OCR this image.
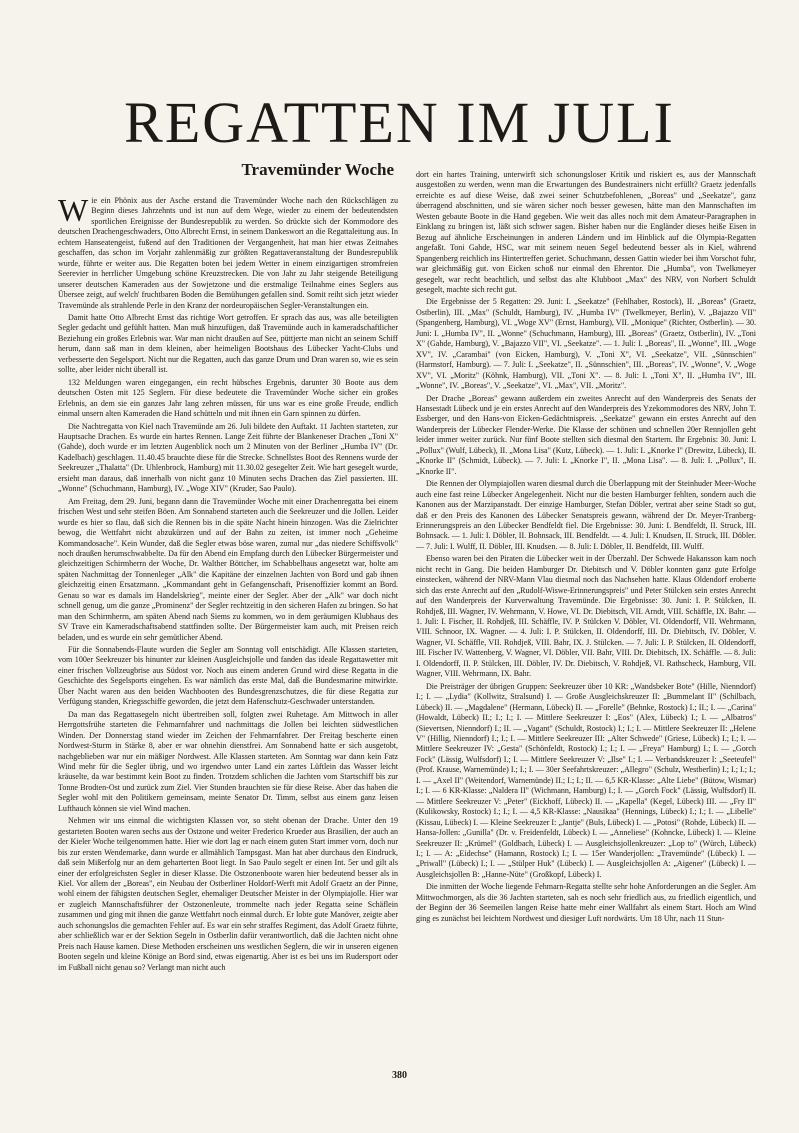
REGATTEN IM JULI
Travemünder Woche

Wie ein Phönix aus der Asche erstand die Travemünder Woche nach den Rückschlägen zu Beginn dieses Jahrzehnts und ist nun auf dem Wege, wieder zu einem der bedeutendsten sportlichen Ereignisse der Bundesrepublik zu werden. So drückte sich der Kommodore des deutschen Drachengeschwaders, Otto Albrecht Ernst, in seinem Dankeswort an die Regattaleitung aus. In echtem Hanseatengeist, fußend auf den Traditionen der Vergangenheit, hat man hier etwas Zeitnahes geschaffen, das schon im Vorjahr zahlenmäßig zur größten Regattaveranstaltung der Bundesrepublik wurde, führte er weiter aus. Die Regatten boten bei jedem Wetter in einem einzigartigen stromfreien Seerevier in herrlicher Umgebung schöne Kreuzstrecken. Die von Jahr zu Jahr steigende Beteiligung unserer deutschen Kameraden aus der Sowjetzone und die erstmalige Teilnahme eines Seglers aus Übersee zeigt, auf welch' fruchtbaren Boden die Bemühungen gefallen sind. Somit reiht sich jetzt wieder Travemünde als strahlende Perle in den Kranz der nordeuropäischen Segler-Veranstaltungen ein.

Damit hatte Otto Albrecht Ernst das richtige Wort getroffen. Er sprach das aus, was alle beteiligten Segler gedacht und gefühlt hatten. Man muß hinzufügen, daß Travemünde auch in kameradschaftlicher Beziehung ein großes Erlebnis war. War man nicht draußen auf See, püttjerte man nicht an seinem Schiff herum, dann saß man in dem kleinen, aber heimeligen Bootshaus des Lübecker Yacht-Clubs und verbesserte den Segelsport. Nicht nur die Regatten, auch das ganze Drum und Dran waren so, wie es sein sollte, aber leider nicht überall ist.

132 Meldungen waren eingegangen, ein recht hübsches Ergebnis, darunter 30 Boote aus dem deutschen Osten mit 125 Seglern. Für diese bedeutete die Travemünder Woche sicher ein großes Erlebnis, an dem sie ein ganzes Jahr lang zehren müssen, für uns war es eine große Freude, endlich einmal unsern alten Kameraden die Hand schütteln und mit ihnen ein Garn spinnen zu dürfen.

Die Nachtregatta von Kiel nach Travemünde am 26. Juli bildete den Auftakt. 11 Jachten starteten, zur Hauptsache Drachen. Es wurde ein hartes Rennen. Lange Zeit führte der Blankeneser Drachen „Toni X" (Gahde), doch wurde er im letzten Augenblick noch um 2 Minuten von der Berliner „Humba IV" (Dr. Kadelbach) geschlagen. 11.40.45 brauchte diese für die Strecke. Schnellstes Boot des Rennens wurde der Seekreuzer „Thalatta" (Dr. Uhlenbrock, Hamburg) mit 11.30.02 gesegelter Zeit. Wie hart gesegelt wurde, ersieht man daraus, daß innerhalb von nicht ganz 10 Minuten sechs Drachen das Ziel passierten. III. „Wonne" (Schuchmann, Hamburg), IV. „Woge XIV" (Kruder, Sao Paulo).

Am Freitag, dem 29. Juni, begann dann die Travemünder Woche mit einer Drachenregatta bei einem frischen West und sehr steifen Böen. Am Sonnabend starteten auch die Seekreuzer und die Jollen. Leider wurde es hier so flau, daß sich die Rennen bis in die späte Nacht hinein hinzogen. Was die Zielrichter bewog, die Wettfahrt nicht abzukürzen und auf der Bahn zu zeiten, ist immer noch „Geheime Kommandosache". Kein Wunder, daß die Segler etwas böse waren, zumal nur „das niedere Schiffsvolk" noch draußen herumschwabbelte. Da für den Abend ein Empfang durch den Lübecker Bürgermeister und gleichzeitigen Schirmherrn der Woche, Dr. Walther Böttcher, im Schabbelhaus angesetzt war, holte am späten Nachmittag der Tonnenleger „Alk" die Kapitäne der einzelnen Jachten von Bord und gab ihnen gleichzeitig einen Ersatzmann. „Kommandant geht in Gefangenschaft, Prisenoffizier kommt an Bord. Genau so war es damals im Handelskrieg", meinte einer der Segler. Aber der „Alk" war doch nicht schnell genug, um die ganze „Prominenz" der Segler rechtzeitig in den sicheren Hafen zu bringen. So hat man den Schirmherrn, am späten Abend nach Siems zu kommen, wo in dem geräumigen Klubhaus des SV Trave ein Kameradschaftsabend stattfinden sollte. Der Bürgermeister kam auch, mit Preisen reich beladen, und es wurde ein sehr gemütlicher Abend.

Für die Sonnabends-Flaute wurden die Segler am Sonntag voll entschädigt. Alle Klassen starteten, vom 100er Seekreuzer bis hinunter zur kleinen Ausgleichsjolle und fanden das ideale Regattawetter mit einer frischen Vollzeugbrise aus Südost vor. Noch aus einem anderen Grund wird diese Regatta in die Geschichte des Segelsports eingehen. Es war nämlich das erste Mal, daß die Bundesmarine mitwirkte. Über Nacht waren aus den beiden Wachbooten des Bundesgrenzschutzes, die für diese Regatta zur Verfügung standen, Kriegsschiffe geworden, die jetzt dem Hafenschutz-Geschwader unterstanden.

Da man das Regattasegeln nicht übertreiben soll, folgten zwei Ruhetage. Am Mittwoch in aller Herrgottsfrühe starteten die Fehmarnfahrer und nachmittags die Jollen bei leichten südwestlichen Winden. Der Donnerstag stand wieder im Zeichen der Fehmarnfahrer. Der Freitag bescherte einen Nordwest-Sturm in Stärke 8, aber er war ohnehin dienstfrei. Am Sonnabend hatte er sich ausgetobt, nachgeblieben war nur ein mäßiger Nordwest. Alle Klassen starteten. Am Sonntag war dann kein Fatz Wind mehr für die Segler übrig, und wo irgendwo unter Land ein zartes Lüftlein das Wasser leicht kräuselte, da war bestimmt kein Boot zu finden. Trotzdem schlichen die Jachten vom Startschiff bis zur Tonne Brodten-Ost und zurück zum Ziel. Vier Stunden brauchten sie für diese Reise. Aber das haben die Segler wohl mit den Politikern gemeinsam, meinte Senator Dr. Timm, selbst aus einem ganz leisen Lufthauch können sie viel Wind machen.

Nehmen wir uns einmal die wichtigsten Klassen vor, so steht obenan der Drache. Unter den 19 gestarteten Booten waren sechs aus der Ostzone und weiter Frederico Krueder aus Brasilien, der auch an der Kieler Woche teilgenommen hatte. Hier wie dort lag er nach einem guten Start immer vorn, doch nur bis zur ersten Wendemarke, dann wurde er allmählich Tampsgast. Man hat aber durchaus den Eindruck, daß sein Mißerfolg nur an dem geharterten Boot liegt. In Sao Paulo segelt er einen Int. 5er und gilt als einer der erfolgreichsten Segler in dieser Klasse. Die Ostzonenboote waren hier bedeutend besser als in Kiel. Vor allem der „Boreas", ein Neubau der Ostberliner Holdorf-Werft mit Adolf Graetz an der Pinne, wohl einem der fähigsten deutschen Segler, ehemaliger Deutscher Meister in der Olympiajolle. Hier war er zugleich Mannschaftsführer der Ostzonenleute, trommelte nach jeder Regatta seine Schäflein zusammen und ging mit ihnen die ganze Wettfahrt noch einmal durch. Er lobte gute Manöver, zeigte aber auch schonungslos die gemachten Fehler auf. Es war ein sehr straffes Regiment, das Adolf Graetz führte, aber schließlich war er der Sektion Segeln in Ostberlin dafür verantwortlich, daß die Jachten nicht ohne Preis nach Hause kamen. Diese Methoden erscheinen uns westlichen Seglern, die wir in unseren eigenen Booten segeln und kleine Könige an Bord sind, etwas eigenartig. Aber ist es bei uns im Rudersport oder im Fußball nicht genau so? Verlangt man nicht auch

dort ein hartes Training, unterwirft sich schonungsloser Kritik und riskiert es, aus der Mannschaft ausgestoßen zu werden, wenn man die Erwartungen des Bundestrainers nicht erfüllt? Graetz jedenfalls erreichte es auf diese Weise, daß zwei seiner Schutzbefohlenen, „Boreas" und „Seekatze", ganz überragend abschnitten, und sie wären sicher noch besser gewesen, hätte man den Mannschaften im Westen gebaute Boote in die Hand gegeben. Wie weit das alles noch mit dem Amateur-Paragraphen in Einklang zu bringen ist, läßt sich schwer sagen. Bisher haben nur die Engländer dieses heiße Eisen in Bezug auf ähnliche Erscheinungen in anderen Ländern und im Hinblick auf die Olympia-Regatten angefaßt. Toni Gahde, HSC, war mit seinem neuen Segel bedeutend besser als in Kiel, während Spangenberg reichlich ins Hintertreffen geriet. Schuchmann, dessen Gattin wieder bei ihm Vorschot fuhr, war gleichmäßig gut. von Eicken schoß nur einmal den Ehrentor. Die „Humba", von Twelkmeyer gesegelt, war recht beachtlich, und selbst das alte Klubboot „Max" des NRV, von Norbert Schuldt gesegelt, machte sich recht gut.

Die Ergebnisse der 5 Regatten: 29. Juni: I. „Seekatze" (Fehlhaber, Rostock), II. „Boreas" (Graetz, Ostberlin), III. „Max" (Schuldt, Hamburg), IV. „Humba IV" (Twelkmeyer, Berlin), V. „Bajazzo VII" (Spangenberg, Hamburg), VI. „Woge XV" (Ernst, Hamburg), VII. „Monique" (Richter, Ostberlin). — 30. Juni: I. „Humba IV", II. „Wonne" (Schuchmann, Hamburg), III. „Boreas" (Graetz, Ostberlin), IV. „Toni X" (Gahde, Hamburg), V. „Bajazzo VII", VI. „Seekatze". — 1. Juli: I. „Boreas", II. „Wonne", III. „Woge XV", IV. „Carambai" (von Eicken, Hamburg), V. „Toni X", VI. „Seekatze", VII. „Sünnschien" (Harmstorf, Hamburg). — 7. Juli: I. „Seekatze", II. „Sünnschien", III. „Boreas", IV. „Wonne", V. „Woge XV", VI. „Moritz" (Köhnk, Hamburg), VII. „Toni X". — 8. Juli: I. „Toni X", II. „Humba IV", III. „Wonne", IV. „Boreas", V. „Seekatze", VI. „Max", VII. „Moritz".

Der Drache „Boreas" gewann außerdem ein zweites Anrecht auf den Wanderpreis des Senats der Hansestadt Lübeck und je ein erstes Anrecht auf den Wanderpreis des Yzekommodores des NRV, John T. Essberger, und den Hans-von Eicken-Gedächtnispreis. „Seekatze" gewann ein erstes Anrecht auf den Wanderpreis der Lübecker Flender-Werke. Die Klasse der schönen und schnellen 20er Rennjollen geht leider immer weiter zurück. Nur fünf Boote stellten sich diesmal den Startern. Ihr Ergebnis: 30. Juni: I. „Pollux" (Wulf, Lübeck), II. „Mona Lisa" (Kutz, Lübeck). — 1. Juli: I. „Knorke I" (Drewitz, Lübeck), II. „Knorke II" (Schmidt, Lübeck). — 7. Juli: I. „Knorke I", II. „Mona Lisa". — 8. Juli: I. „Pollux", II. „Knorke II".

Die Rennen der Olympiajollen waren diesmal durch die Überlappung mit der Steinhuder Meer-Woche auch eine fast reine Lübecker Angelegenheit. Nicht nur die besten Hamburger fehlten, sondern auch die Kanonen aus der Marzipanstadt. Der einzige Hamburger, Stefan Döbler, vertrat aber seine Stadt so gut, daß er den Preis des Kanonen des Lübecker Senatspreis gewann, während der Dr. Meyer-Tranberg-Erinnerungspreis an den Lübecker Bendfeldt fiel. Die Ergebnisse: 30. Juni: I. Bendfeldt, II. Struck, III. Bohnsack. — 1. Juli: I. Döbler, II. Bohnsack, III. Bendfeldt. — 4. Juli: I. Knudsen, II. Struck, III. Döbler. — 7. Juli: I. Wulff, II. Döbler, III. Knudsen. — 8. Juli: I. Döbler, II. Bendfeldt, III. Wulff.

Ebenso waren bei den Piraten die Lübecker weit in der Überzahl. Der Schwede Hakansson kam noch nicht recht in Gang. Die beiden Hamburger Dr. Diebitsch und V. Döbler konnten ganz gute Erfolge einstecken, während der NRV-Mann Vlau diesmal noch das Nachsehen hatte. Klaus Oldendorf eroberte sich das erste Anrecht auf den „Rudolf-Wiswe-Erinnerungspreis" und Peter Stülcken sein erstes Anrecht auf den Wanderpreis der Kurverwaltung Travemünde. Die Ergebnisse: 30. Juni: I. P. Stülcken, II. Rohdjeß, III. Wagner, IV. Wehrmann, V. Howe, VI. Dr. Diebitsch, VII. Arndt, VIII. Schäffle, IX. Bahr. — 1. Juli: I. Fischer, II. Rohdjeß, III. Schäffle, IV. P. Stülcken V. Döbler, VI. Oldendorff, VII. Wehrmann, VIII. Schnoor, IX. Wagner. — 4. Juli: I. P. Stülcken, II. Oldendorff, III. Dr. Diebitsch, IV. Döbler, V. Wagner, VI. Schäffle, VII. Rohdjeß, VIII. Bahr, IX. J. Stülcken. — 7. Juli: I. P. Stülcken, II. Oldendorff, III. Fischer IV. Wattenberg, V. Wagner, VI. Döbler, VII. Bahr, VIII. Dr. Diebitsch, IX. Schäffle. — 8. Juli: I. Oldendorff, II. P. Stülcken, III. Döbler, IV. Dr. Diebitsch, V. Rohdjeß, VI. Rathscheck, Hamburg, VII. Wagner, VIII. Wehrmann, IX. Bahr.

Die Preisträger der übrigen Gruppen: Seekreuzer über 10 KR: „Wandsbeker Bote" (Hille, Nienndorf) I.; I. — „Lydia" (Kollwitz, Stralsund) I. — Große Ausgleichskreuzer II: „Bummelant II" (Schilbach, Lübeck) II. — „Magdalene" (Hermann, Lübeck) II. — „Forelle" (Behnke, Rostock) I.; II.; I. — „Carina" (Howaldt, Lübeck) II.; I.; I.; I. — Mittlere Seekreuzer I: „Eos" (Alex, Lübeck) I.; I. — „Albatros" (Sievertsen, Nienndorf) I.; II. — „Vagant" (Schuldt, Rostock) I.; I.; I. — Mittlere Seekreuzer II: „Helene V" (Hillig, Nienndorf) I.; I.; I. — Mittlere Seekreuzer III: „Alter Schwede" (Griese, Lübeck) I.; I.; I. — Mittlere Seekreuzer IV: „Gesta" (Schönfeldt, Rostock) I.; I.; I. — „Freya" Hamburg) I.; I. — „Gorch Fock" (Lässig, Wulfsdorf) I.; I. — Mittlere Seekreuzer V: „Ilse" I.; I. — Verbandskreuzer I: „Seeteufel" (Prof. Krause, Warnemünde) I.; I.; I. — 30er Seefahrtskreuzer: „Allegro" (Schulz, Westberlin) I.; I.; I.; I.; I. — „Axel II" (Weitendorf, Warnemünde) II.; I.; I.; II. — 6,5 KR-Klasse: „Alte Liebe" (Bütow, Wismar) I.; I. — 6 KR-Klasse: „Naldera II" (Wichmann, Hamburg) I.; I. — „Gorch Fock" (Lässig, Wulfsdorf) II. — Mittlere Seekreuzer V: „Peter" (Eickhoff, Lübeck) II. — „Kapella" (Kegel, Lübeck) III. — „Fry II" (Kulikowsky, Rostock) I.; I.; I. — 4,5 KR-Klasse: „Nausikaa" (Hennings, Lübeck) I.; I.; I. — „Libelle" (Kissau, Lübeck) I. — Kleine Seekreuzer I: „Jantje" (Buls, Lübeck) I. — „Potosi" (Rohde, Lübeck) II. — Hansa-Jollen: „Gunilla" (Dr. v. Freidenfeldt, Lübeck) I. — „Anneliese" (Kohncke, Lübeck) I. — Kleine Seekreuzer II: „Krümel" (Goldbach, Lübeck) I. — Ausgleichsjollenkreuzer: „Lop to" (Würch, Lübeck) I.; I. — A: „Eidechse" (Hamann, Rostock) I.; I. — 15er Wanderjollen: „Travemünde" (Lübeck) I. — „Priwall" (Lübeck) I.; I. — „Stülper Huk" (Lübeck) I. — Ausgleichsjollen A: „Aigener" (Lübeck) I. — Ausgleichsjollen B: „Hanne-Nüte" (Großkopf, Lübeck) I.

Die inmitten der Woche liegende Fehmarn-Regatta stellte sehr hohe Anforderungen an die Segler. Am Mittwochmorgen, als die 36 Jachten starteten, sah es noch sehr friedlich aus, zu friedlich eigentlich, und der Beginn der 36 Seemeilen langen Reise hatte mehr einer Wallfahrt als einem Start. Hoch am Wind ging es zunächst bei leichtem Nordwest und diesiger Luft nordwärts. Um 18 Uhr, nach 11 Stun-

380
